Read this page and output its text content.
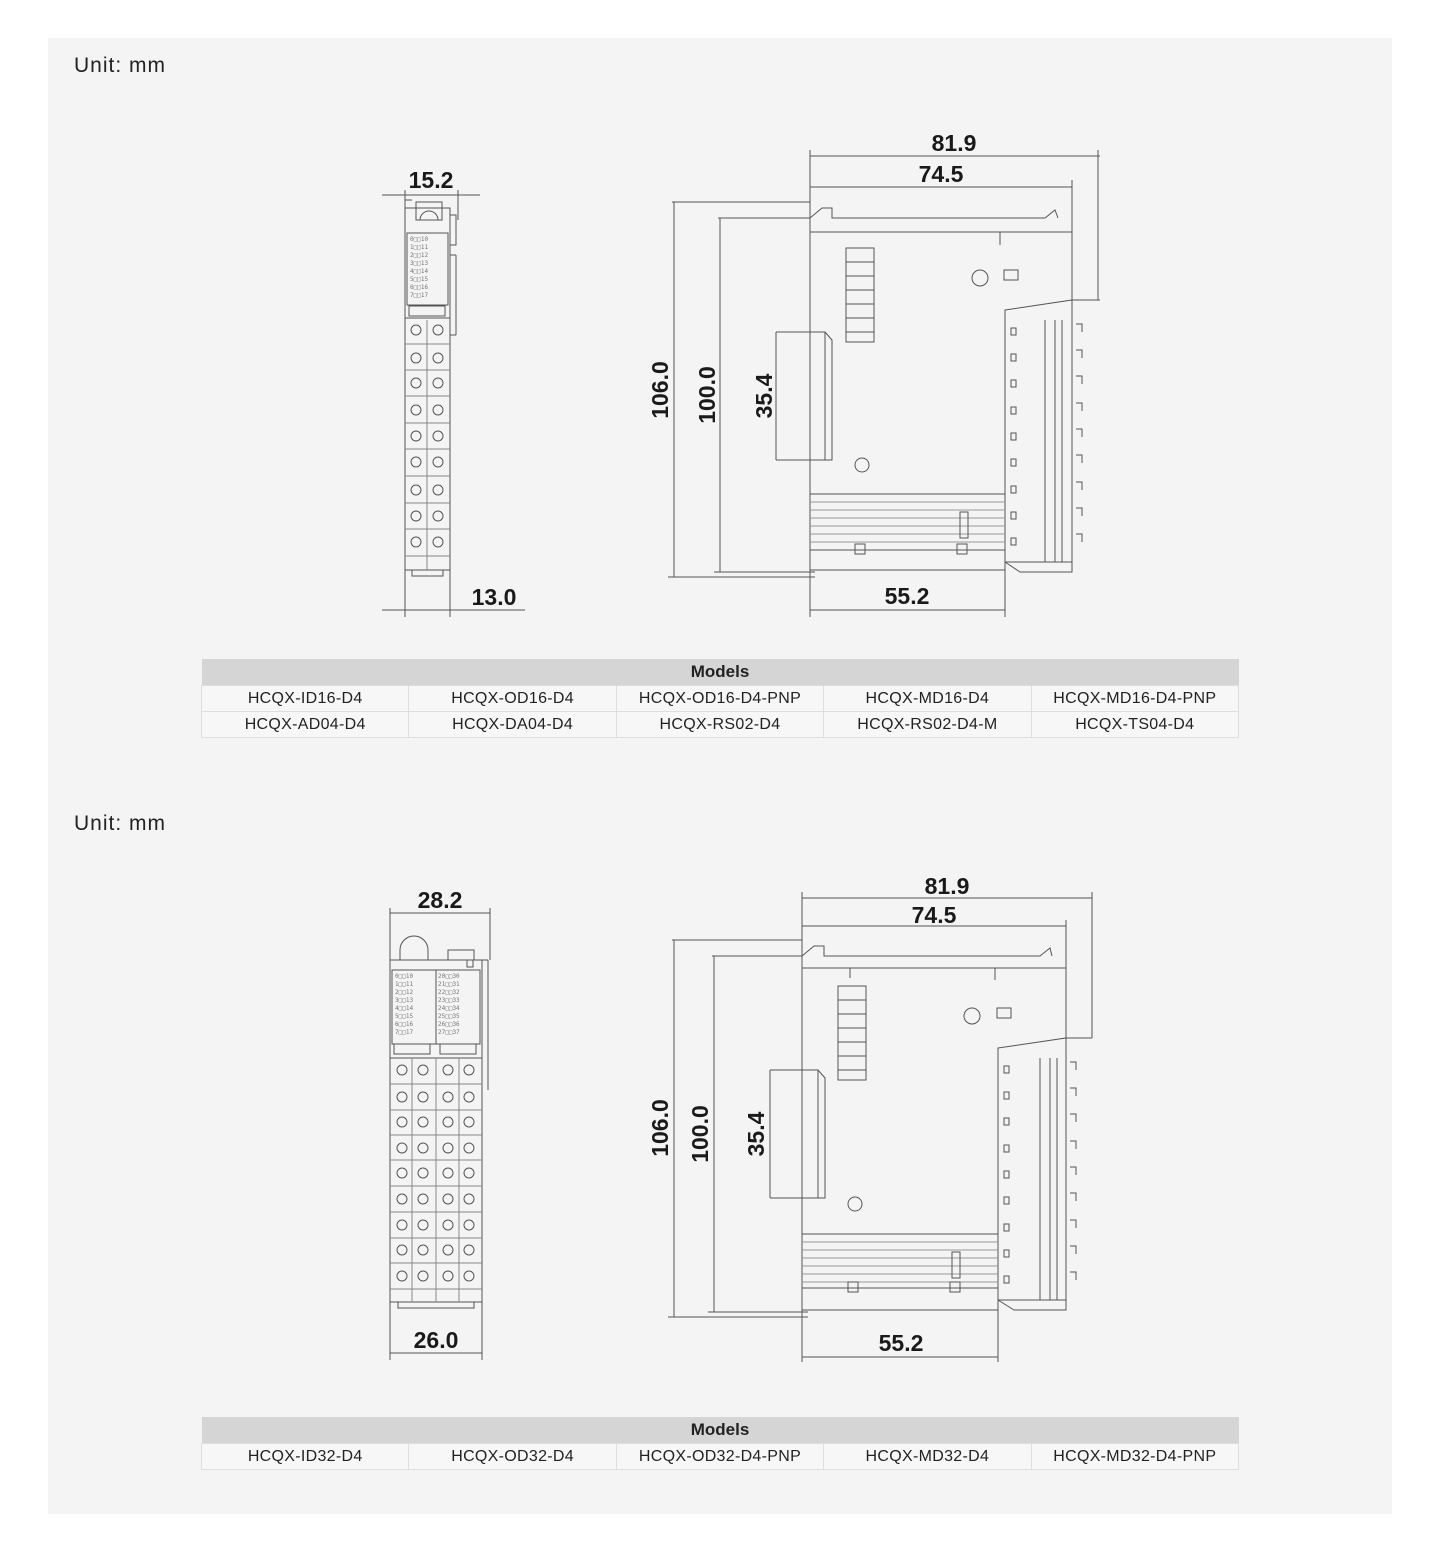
Unit: mm
0□□10
1□□11
2□□12
3□□13
4□□14
5□□15
6□□16
7□□17
15.2
13.0
81.9
74.5
55.2
106.0 100.0 35.4
Models				
HCQX-ID16-D4	HCQX-OD16-D4	HCQX-OD16-D4-PNP	HCQX-MD16-D4	HCQX-MD16-D4-PNP
HCQX-AD04-D4	HCQX-DA04-D4	HCQX-RS02-D4	HCQX-RS02-D4-M	HCQX-TS04-D4
Unit: mm
0□□10
1□□11
2□□12
3□□13
4□□14
5□□15
6□□16
7□□17
20□□30
21□□31
22□□32
23□□33
24□□34
25□□35
26□□36
27□□37
28.2
26.0
81.9
74.5
55.2
106.0 100.0 35.4
Models
HCQX-ID32-D4	HCQX-OD32-D4	HCQX-OD32-D4-PNP	HCQX-MD32-D4	HCQX-MD32-D4-PNP
